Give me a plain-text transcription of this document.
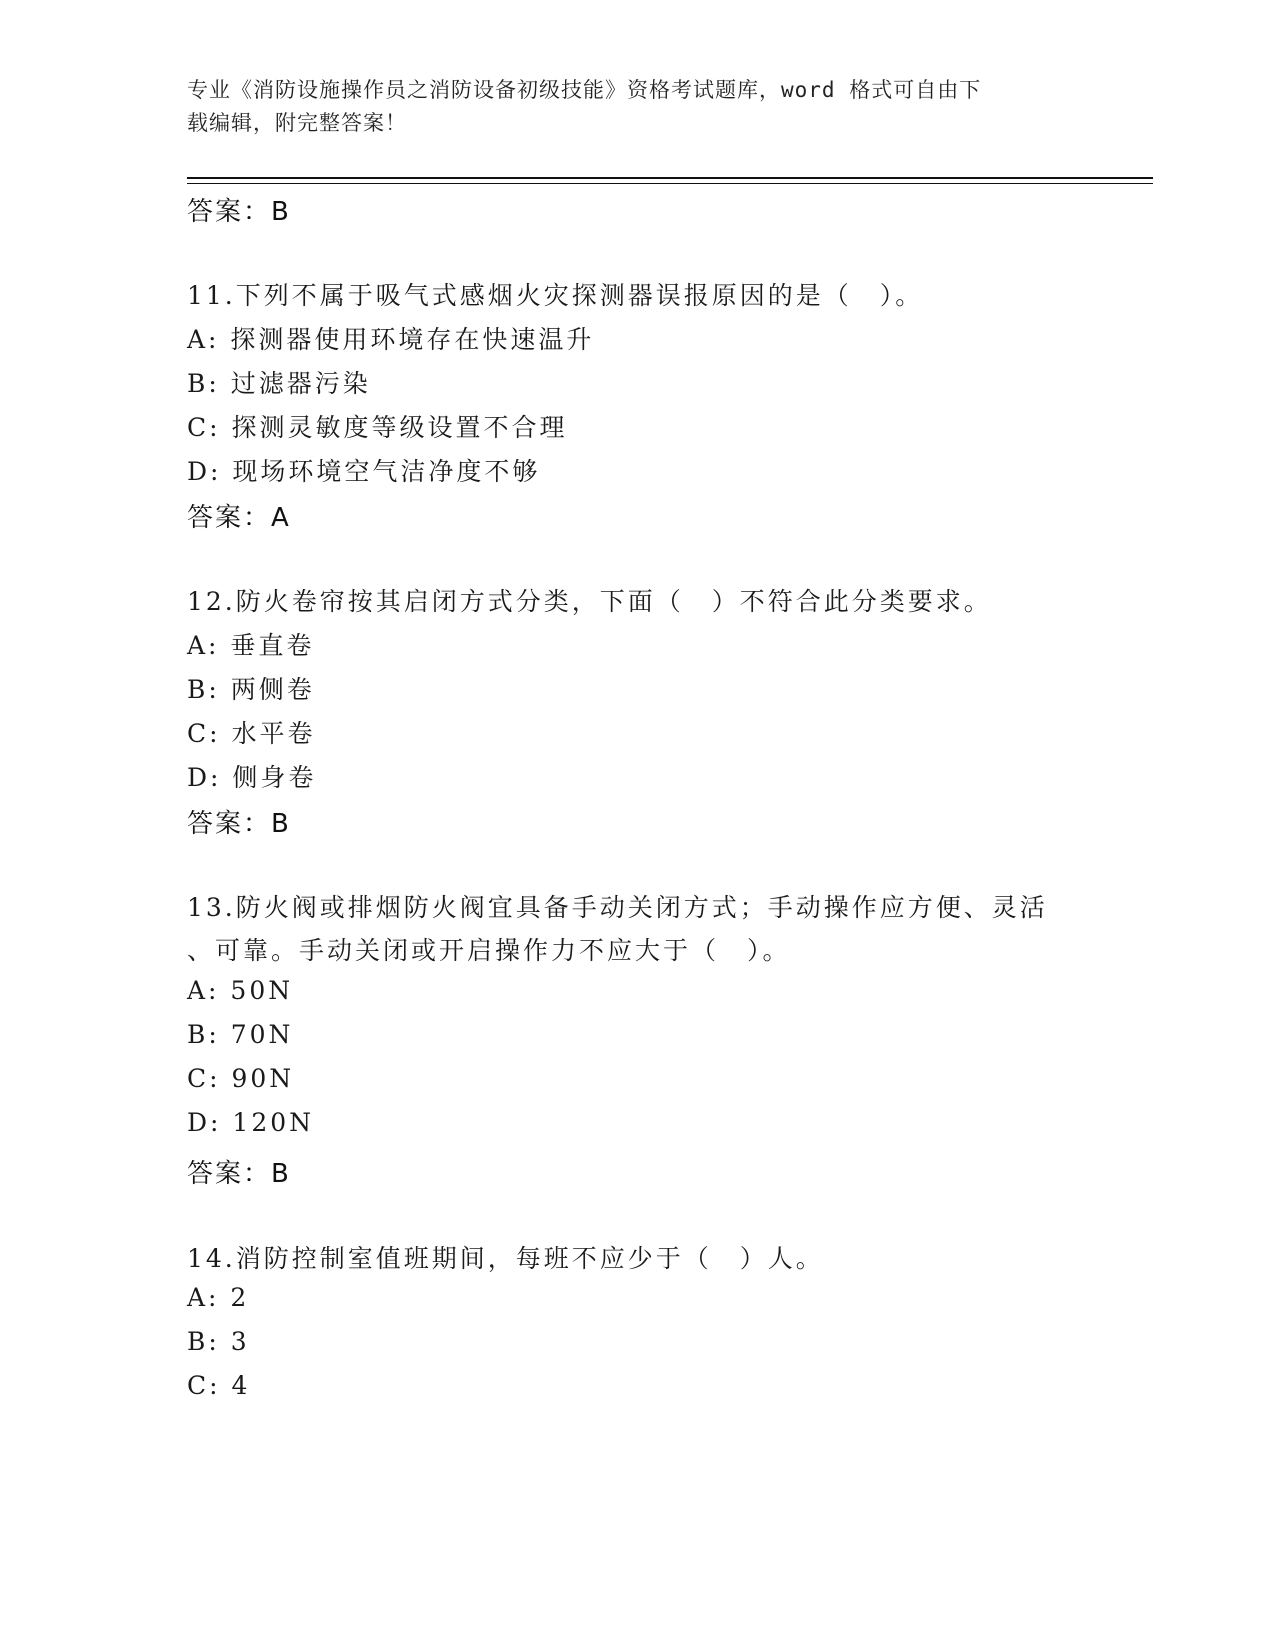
专业《消防设施操作员之消防设备初级技能》资格考试题库，word 格式可自由下
载编辑，附完整答案！
答案：B
11.下列不属于吸气式感烟火灾探测器误报原因的是（　）。
A: 探测器使用环境存在快速温升
B: 过滤器污染
C: 探测灵敏度等级设置不合理
D: 现场环境空气洁净度不够
答案：A
12.防火卷帘按其启闭方式分类，下面（　）不符合此分类要求。
A: 垂直卷
B: 两侧卷
C: 水平卷
D: 侧身卷
答案：B
13.防火阀或排烟防火阀宜具备手动关闭方式；手动操作应方便、灵活
、可靠。手动关闭或开启操作力不应大于（　）。
A: 50N
B: 70N
C: 90N
D: 120N
答案：B
14.消防控制室值班期间，每班不应少于（　）人。
A: 2
B: 3
C: 4
